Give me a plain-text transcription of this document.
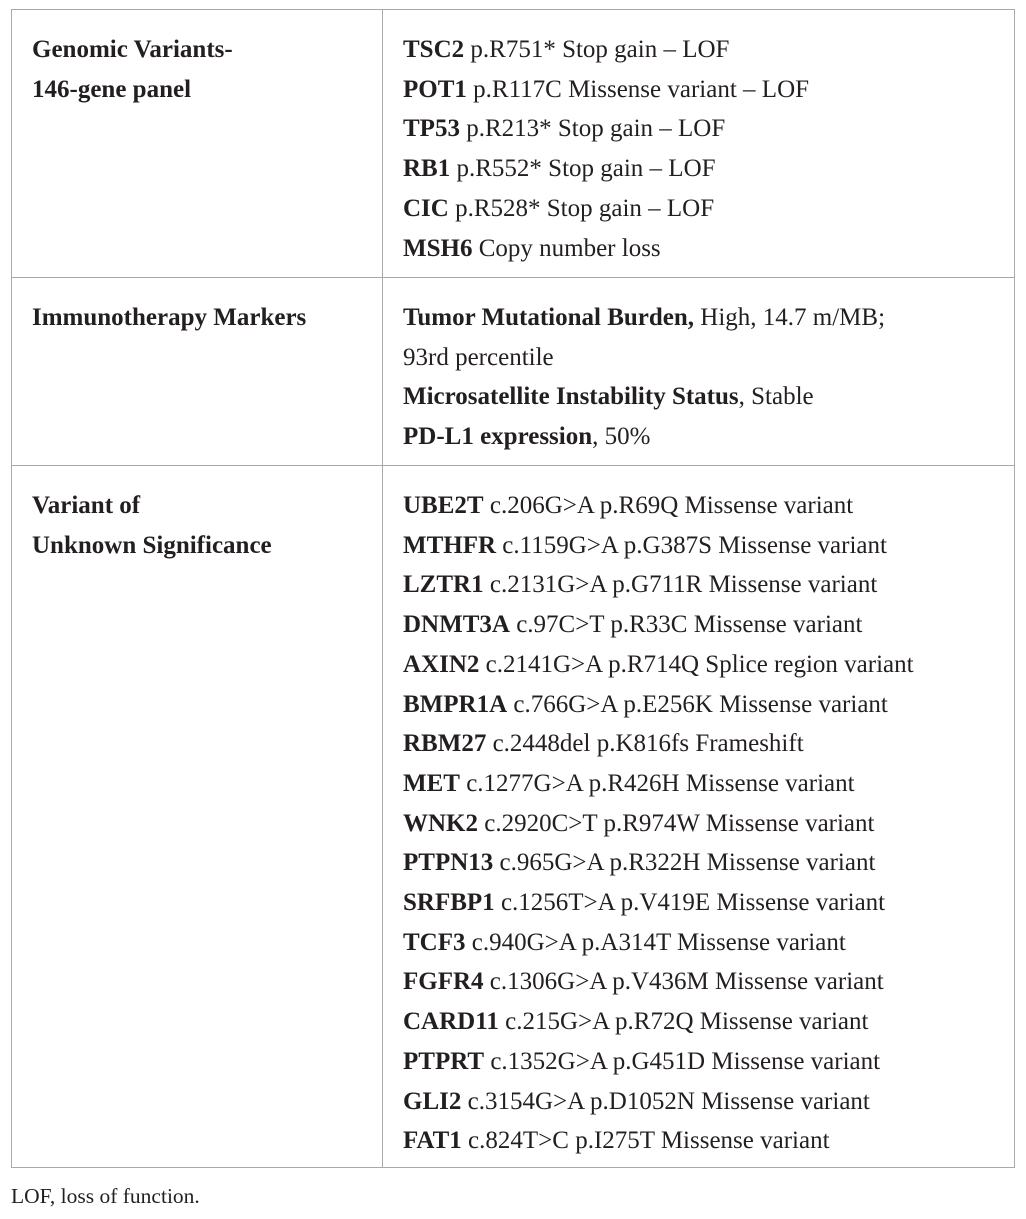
Genomic Variants-
146-gene panel
TSC2 p.R751* Stop gain – LOF
POT1 p.R117C Missense variant – LOF
TP53 p.R213* Stop gain – LOF
RB1 p.R552* Stop gain – LOF
CIC p.R528* Stop gain – LOF
MSH6 Copy number loss
Immunotherapy Markers	Tumor Mutational Burden, High, 14.7 m/MB;
93rd percentile
Microsatellite Instability Status, Stable
PD-L1 expression, 50%
Variant of
Unknown Significance
UBE2T c.206G>A p.R69Q Missense variant
MTHFR c.1159G>A p.G387S Missense variant
LZTR1 c.2131G>A p.G711R Missense variant
DNMT3A c.97C>T p.R33C Missense variant
AXIN2 c.2141G>A p.R714Q Splice region variant
BMPR1A c.766G>A p.E256K Missense variant
RBM27 c.2448del p.K816fs Frameshift
MET c.1277G>A p.R426H Missense variant
WNK2 c.2920C>T p.R974W Missense variant
PTPN13 c.965G>A p.R322H Missense variant
SRFBP1 c.1256T>A p.V419E Missense variant
TCF3 c.940G>A p.A314T Missense variant
FGFR4 c.1306G>A p.V436M Missense variant
CARD11 c.215G>A p.R72Q Missense variant
PTPRT c.1352G>A p.G451D Missense variant
GLI2 c.3154G>A p.D1052N Missense variant
FAT1 c.824T>C p.I275T Missense variant
LOF, loss of function.
